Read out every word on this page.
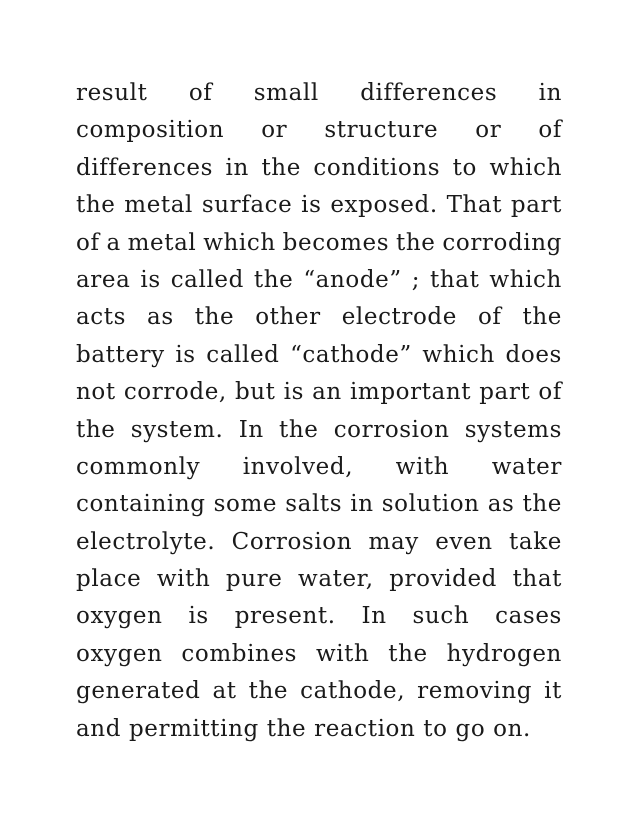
result of small differences in
composition or structure or of
differences in the conditions to which
the metal surface is exposed. That part
of a metal which becomes the corroding
area is called the “anode” ; that which
acts as the other electrode of the
battery is called “cathode” which does
not corrode, but is an important part of
the system. In the corrosion systems
commonly involved, with water
containing some salts in solution as the
electrolyte. Corrosion may even take
place with pure water, provided that
oxygen is present. In such cases
oxygen combines with the hydrogen
generated at the cathode, removing it
and permitting the reaction to go on.
